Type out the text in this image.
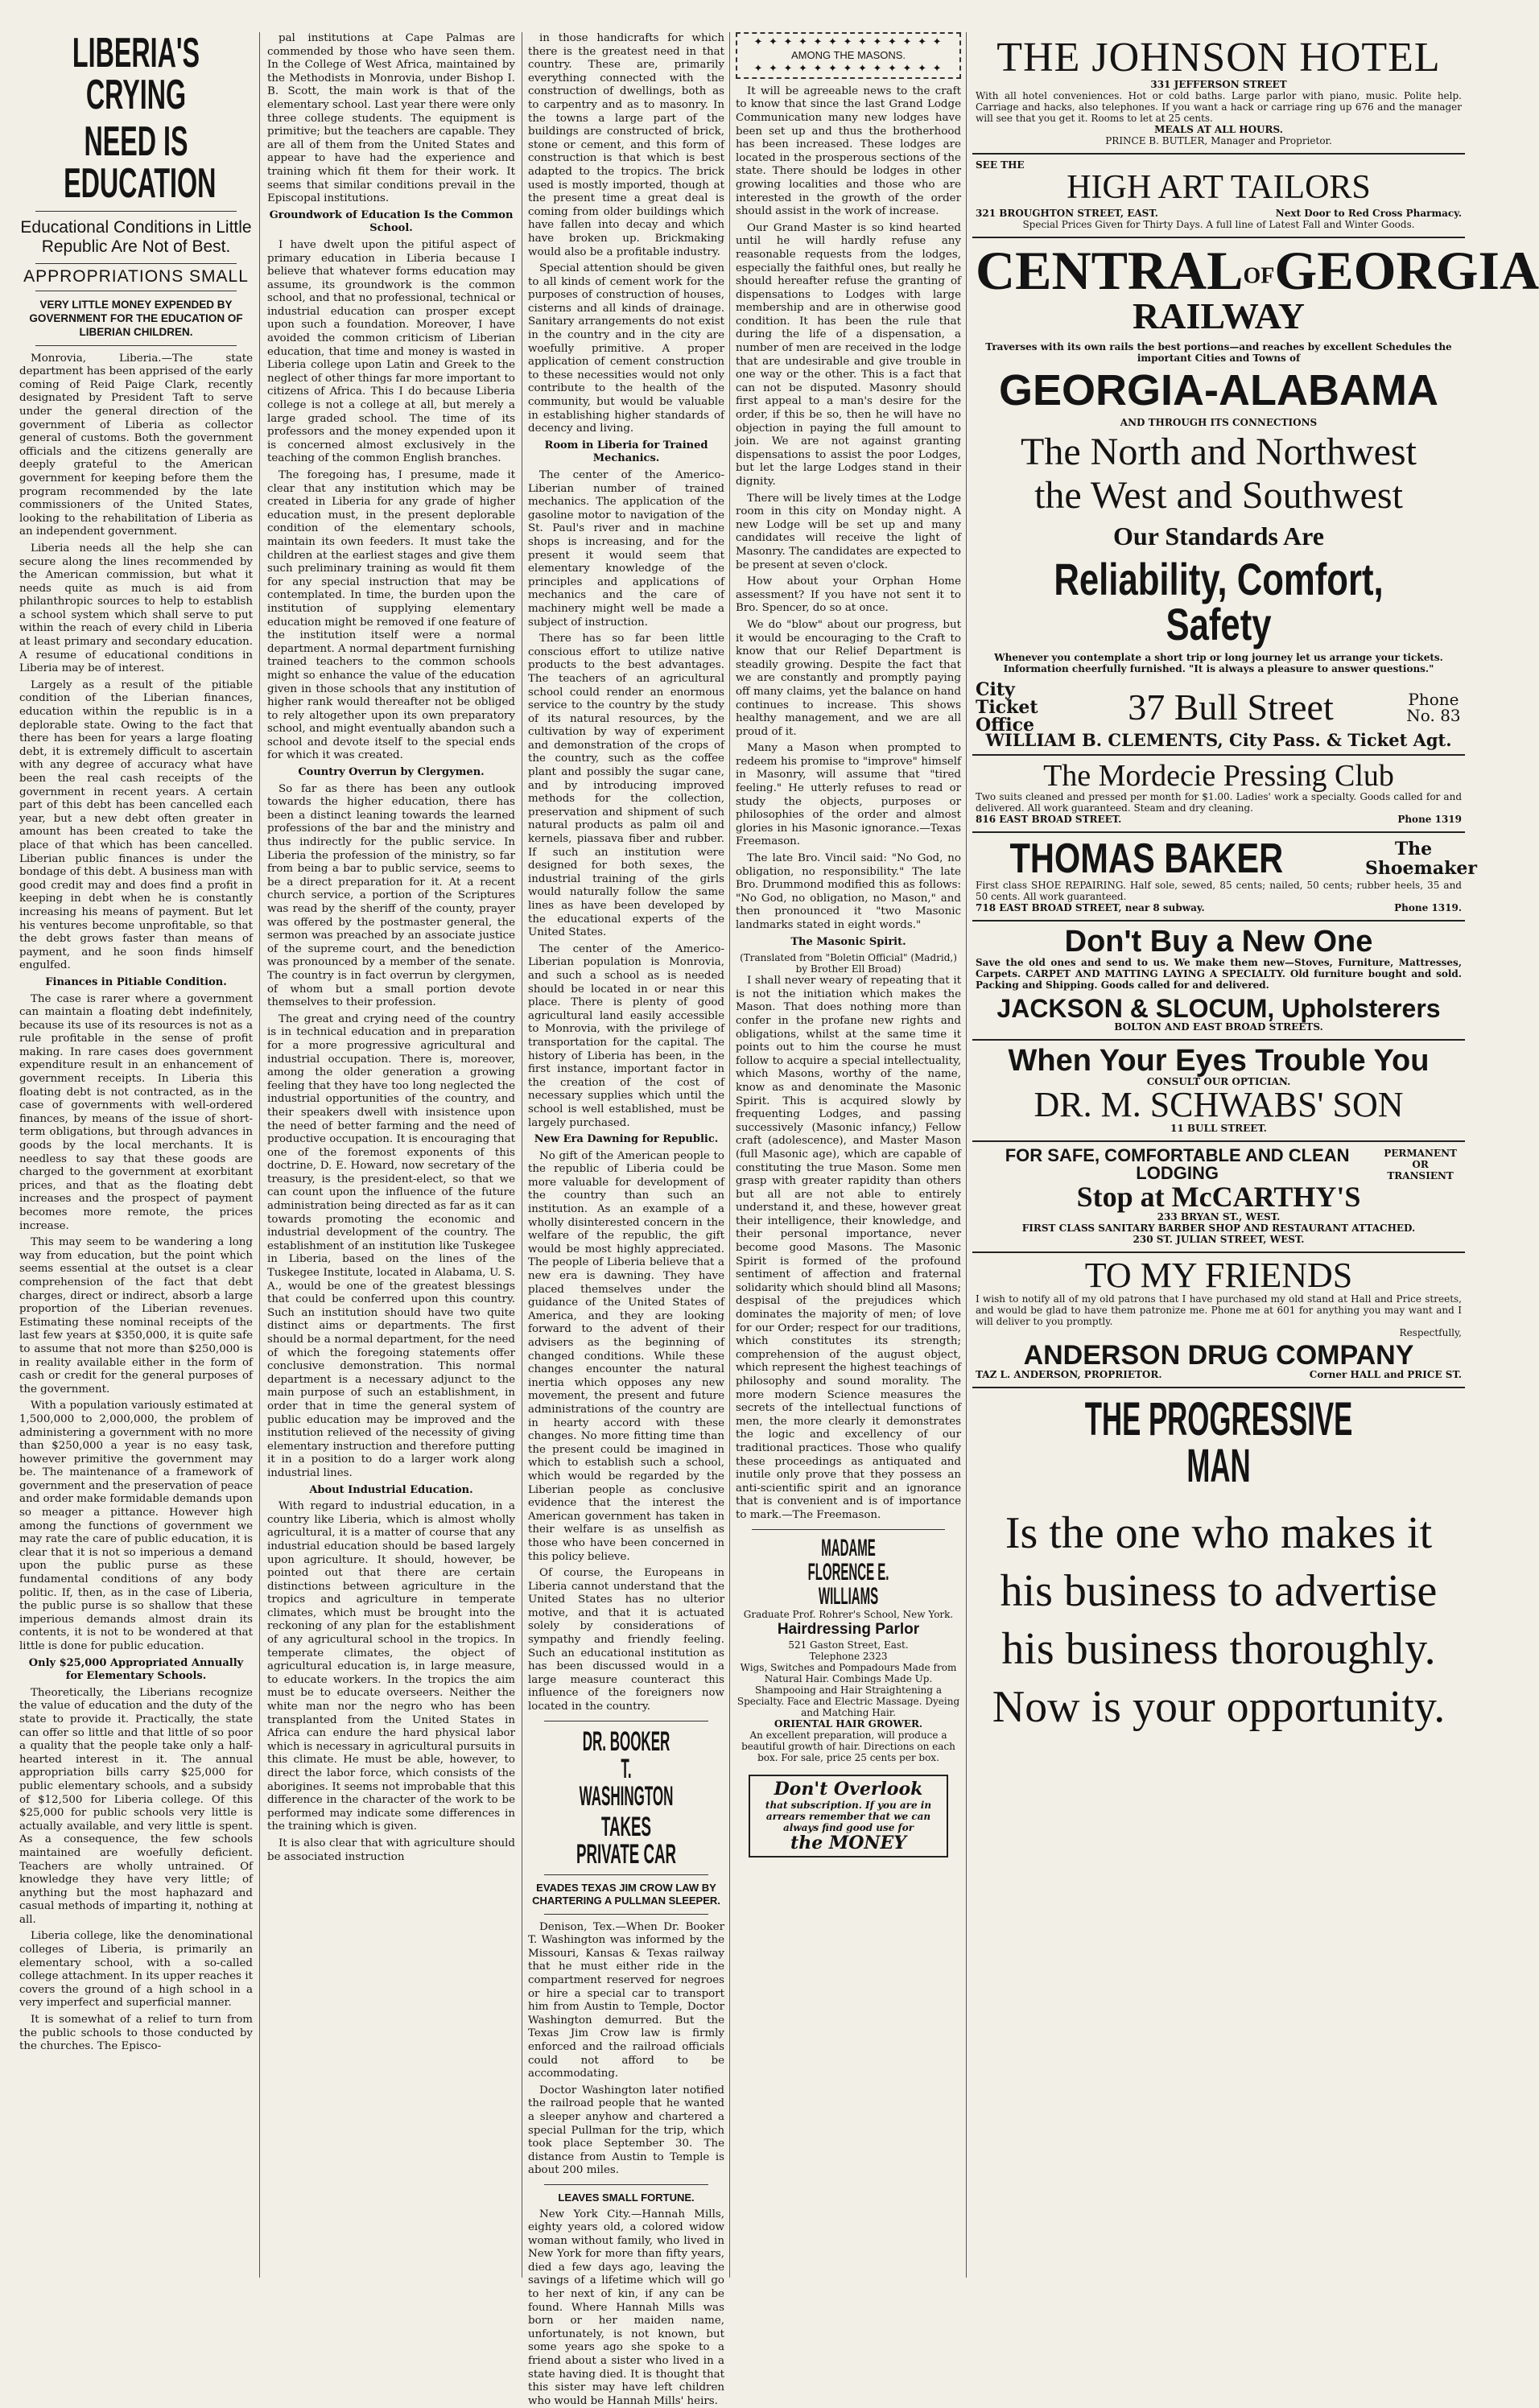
LIBERIA'S CRYING
NEED IS EDUCATION
Educational Conditions in Little Republic Are Not of Best.
APPROPRIATIONS SMALL
VERY LITTLE MONEY EXPENDED BY GOVERNMENT FOR THE EDUCATION OF LIBERIAN CHILDREN.

Monrovia, Liberia.—The state department has been apprised of the early coming of Reid Paige Clark, recently designated by President Taft to serve under the general direction of the government of Liberia as collector general of customs. Both the government officials and the citizens generally are deeply grateful to the American government for keeping before them the program recommended by the late commissioners of the United States, looking to the rehabilitation of Liberia as an independent government.

Liberia needs all the help she can secure along the lines recommended by the American commission, but what it needs quite as much is aid from philanthropic sources to help to establish a school system which shall serve to put within the reach of every child in Liberia at least primary and secondary education. A resume of educational conditions in Liberia may be of interest.

Largely as a result of the pitiable condition of the Liberian finances, education within the republic is in a deplorable state. Owing to the fact that there has been for years a large floating debt, it is extremely difficult to ascertain with any degree of accuracy what have been the real cash receipts of the government in recent years. A certain part of this debt has been cancelled each year, but a new debt often greater in amount has been created to take the place of that which has been cancelled. Liberian public finances is under the bondage of this debt. A business man with good credit may and does find a profit in keeping in debt when he is constantly increasing his means of payment. But let his ventures become unprofitable, so that the debt grows faster than means of payment, and he soon finds himself engulfed.

Finances in Pitiable Condition.

The case is rarer where a government can maintain a floating debt indefinitely, because its use of its resources is not as a rule profitable in the sense of profit making. In rare cases does government expenditure result in an enhancement of government receipts. In Liberia this floating debt is not contracted, as in the case of governments with well-ordered finances, by means of the issue of short-term obligations, but through advances in goods by the local merchants. It is needless to say that these goods are charged to the government at exorbitant prices, and that as the floating debt increases and the prospect of payment becomes more remote, the prices increase.

This may seem to be wandering a long way from education, but the point which seems essential at the outset is a clear comprehension of the fact that debt charges, direct or indirect, absorb a large proportion of the Liberian revenues. Estimating these nominal receipts of the last few years at $350,000, it is quite safe to assume that not more than $250,000 is in reality available either in the form of cash or credit for the general purposes of the government.

With a population variously estimated at 1,500,000 to 2,000,000, the problem of administering a government with no more than $250,000 a year is no easy task, however primitive the government may be. The maintenance of a framework of government and the preservation of peace and order make formidable demands upon so meager a pittance. However high among the functions of government we may rate the care of public education, it is clear that it is not so imperious a demand upon the public purse as these fundamental conditions of any body politic. If, then, as in the case of Liberia, the public purse is so shallow that these imperious demands almost drain its contents, it is not to be wondered at that little is done for public education.

Only $25,000 Appropriated Annually for Elementary Schools.

Theoretically, the Liberians recognize the value of education and the duty of the state to provide it. Practically, the state can offer so little and that little of so poor a quality that the people take only a half-hearted interest in it. The annual appropriation bills carry $25,000 for public elementary schools, and a subsidy of $12,500 for Liberia college. Of this $25,000 for public schools very little is actually available, and very little is spent. As a consequence, the few schools maintained are woefully deficient. Teachers are wholly untrained. Of knowledge they have very little; of anything but the most haphazard and casual methods of imparting it, nothing at all.

Liberia college, like the denominational colleges of Liberia, is primarily an elementary school, with a so-called college attachment. In its upper reaches it covers the ground of a high school in a very imperfect and superficial manner.

It is somewhat of a relief to turn from the public schools to those conducted by the churches. The Episco-

pal institutions at Cape Palmas are commended by those who have seen them. In the College of West Africa, maintained by the Methodists in Monrovia, under Bishop I. B. Scott, the main work is that of the elementary school. Last year there were only three college students. The equipment is primitive; but the teachers are capable. They are all of them from the United States and appear to have had the experience and training which fit them for their work. It seems that similar conditions prevail in the Episcopal institutions.

Groundwork of Education Is the Common School.

I have dwelt upon the pitiful aspect of primary education in Liberia because I believe that whatever forms education may assume, its groundwork is the common school, and that no professional, technical or industrial education can prosper except upon such a foundation. Moreover, I have avoided the common criticism of Liberian education, that time and money is wasted in Liberia college upon Latin and Greek to the neglect of other things far more important to citizens of Africa. This I do because Liberia college is not a college at all, but merely a large graded school. The time of its professors and the money expended upon it is concerned almost exclusively in the teaching of the common English branches.

The foregoing has, I presume, made it clear that any institution which may be created in Liberia for any grade of higher education must, in the present deplorable condition of the elementary schools, maintain its own feeders. It must take the children at the earliest stages and give them such preliminary training as would fit them for any special instruction that may be contemplated. In time, the burden upon the institution of supplying elementary education might be removed if one feature of the institution itself were a normal department. A normal department furnishing trained teachers to the common schools might so enhance the value of the education given in those schools that any institution of higher rank would thereafter not be obliged to rely altogether upon its own preparatory school, and might eventually abandon such a school and devote itself to the special ends for which it was created.

Country Overrun by Clergymen.

So far as there has been any outlook towards the higher education, there has been a distinct leaning towards the learned professions of the bar and the ministry and thus indirectly for the public service. In Liberia the profession of the ministry, so far from being a bar to public service, seems to be a direct preparation for it. At a recent church service, a portion of the Scriptures was read by the sheriff of the county, prayer was offered by the postmaster general, the sermon was preached by an associate justice of the supreme court, and the benediction was pronounced by a member of the senate. The country is in fact overrun by clergymen, of whom but a small portion devote themselves to their profession.

The great and crying need of the country is in technical education and in preparation for a more progressive agricultural and industrial occupation. There is, moreover, among the older generation a growing feeling that they have too long neglected the industrial opportunities of the country, and their speakers dwell with insistence upon the need of better farming and the need of productive occupation. It is encouraging that one of the foremost exponents of this doctrine, D. E. Howard, now secretary of the treasury, is the president-elect, so that we can count upon the influence of the future administration being directed as far as it can towards promoting the economic and industrial development of the country. The establishment of an institution like Tuskegee in Liberia, based on the lines of the Tuskegee Institute, located in Alabama, U. S. A., would be one of the greatest blessings that could be conferred upon this country. Such an institution should have two quite distinct aims or departments. The first should be a normal department, for the need of which the foregoing statements offer conclusive demonstration. This normal department is a necessary adjunct to the main purpose of such an establishment, in order that in time the general system of public education may be improved and the institution relieved of the necessity of giving elementary instruction and therefore putting it in a position to do a larger work along industrial lines.

About Industrial Education.

With regard to industrial education, in a country like Liberia, which is almost wholly agricultural, it is a matter of course that any industrial education should be based largely upon agriculture. It should, however, be pointed out that there are certain distinctions between agriculture in the tropics and agriculture in temperate climates, which must be brought into the reckoning of any plan for the establishment of any agricultural school in the tropics. In temperate climates, the object of agricultural education is, in large measure, to educate workers. In the tropics the aim must be to educate overseers. Neither the white man nor the negro who has been transplanted from the United States in Africa can endure the hard physical labor which is necessary in agricultural pursuits in this climate. He must be able, however, to direct the labor force, which consists of the aborigines. It seems not improbable that this difference in the character of the work to be performed may indicate some differences in the training which is given.

It is also clear that with agriculture should be associated instruction

in those handicrafts for which there is the greatest need in that country. These are, primarily everything connected with the construction of dwellings, both as to carpentry and as to masonry. In the towns a large part of the buildings are constructed of brick, stone or cement, and this form of construction is that which is best adapted to the tropics. The brick used is mostly imported, though at the present time a great deal is coming from older buildings which have fallen into decay and which have broken up. Brickmaking would also be a profitable industry.

Special attention should be given to all kinds of cement work for the purposes of construction of houses, cisterns and all kinds of drainage. Sanitary arrangements do not exist in the country and in the city are woefully primitive. A proper application of cement construction to these necessities would not only contribute to the health of the community, but would be valuable in establishing higher standards of decency and living.

Room in Liberia for Trained Mechanics.

The center of the Americo-Liberian number of trained mechanics. The application of the gasoline motor to navigation of the St. Paul's river and in machine shops is increasing, and for the present it would seem that elementary knowledge of the principles and applications of mechanics and the care of machinery might well be made a subject of instruction.

There has so far been little conscious effort to utilize native products to the best advantages. The teachers of an agricultural school could render an enormous service to the country by the study of its natural resources, by the cultivation by way of experiment and demonstration of the crops of the country, such as the coffee plant and possibly the sugar cane, and by introducing improved methods for the collection, preservation and shipment of such natural products as palm oil and kernels, piassava fiber and rubber. If such an institution were designed for both sexes, the industrial training of the girls would naturally follow the same lines as have been developed by the educational experts of the United States.

The center of the Americo-Liberian population is Monrovia, and such a school as is needed should be located in or near this place. There is plenty of good agricultural land easily accessible to Monrovia, with the privilege of transportation for the capital. The history of Liberia has been, in the first instance, important factor in the creation of the cost of necessary supplies which until the school is well established, must be largely purchased.

New Era Dawning for Republic.

No gift of the American people to the republic of Liberia could be more valuable for development of the country than such an institution. As an example of a wholly disinterested concern in the welfare of the republic, the gift would be most highly appreciated. The people of Liberia believe that a new era is dawning. They have placed themselves under the guidance of the United States of America, and they are looking forward to the advent of their advisers as the beginning of changed conditions. While these changes encounter the natural inertia which opposes any new movement, the present and future administrations of the country are in hearty accord with these changes. No more fitting time than the present could be imagined in which to establish such a school, which would be regarded by the Liberian people as conclusive evidence that the interest the American government has taken in their welfare is as unselfish as those who have been concerned in this policy believe.

Of course, the Europeans in Liberia cannot understand that the United States has no ulterior motive, and that it is actuated solely by considerations of sympathy and friendly feeling. Such an educational institution as has been discussed would in a large measure counteract this influence of the foreigners now located in the country.

DR. BOOKER T. WASHINGTON
TAKES PRIVATE CAR
EVADES TEXAS JIM CROW LAW BY CHARTERING A PULLMAN SLEEPER.

Denison, Tex.—When Dr. Booker T. Washington was informed by the Missouri, Kansas & Texas railway that he must either ride in the compartment reserved for negroes or hire a special car to transport him from Austin to Temple, Doctor Washington demurred. But the Texas Jim Crow law is firmly enforced and the railroad officials could not afford to be accommodating.

Doctor Washington later notified the railroad people that he wanted a sleeper anyhow and chartered a special Pullman for the trip, which took place September 30. The distance from Austin to Temple is about 200 miles.

LEAVES SMALL FORTUNE.

New York City.—Hannah Mills, eighty years old, a colored widow woman without family, who lived in New York for more than fifty years, died a few days ago, leaving the savings of a lifetime which will go to her next of kin, if any can be found. Where Hannah Mills was born or her maiden name, unfortunately, is not known, but some years ago she spoke to a friend about a sister who lived in a state having died. It is thought that this sister may have left children who would be Hannah Mills' heirs.

✦ ✦ ✦ ✦ ✦ ✦ ✦ ✦ ✦ ✦ ✦ ✦ ✦
AMONG THE MASONS.
✦ ✦ ✦ ✦ ✦ ✦ ✦ ✦ ✦ ✦ ✦ ✦ ✦

It will be agreeable news to the craft to know that since the last Grand Lodge Communication many new lodges have been set up and thus the brotherhood has been increased. These lodges are located in the prosperous sections of the state. There should be lodges in other growing localities and those who are interested in the growth of the order should assist in the work of increase.

Our Grand Master is so kind hearted until he will hardly refuse any reasonable requests from the lodges, especially the faithful ones, but really he should hereafter refuse the granting of dispensations to Lodges with large membership and are in otherwise good condition. It has been the rule that during the life of a dispensation, a number of men are received in the lodge that are undesirable and give trouble in one way or the other. This is a fact that can not be disputed. Masonry should first appeal to a man's desire for the order, if this be so, then he will have no objection in paying the full amount to join. We are not against granting dispensations to assist the poor Lodges, but let the large Lodges stand in their dignity.

There will be lively times at the Lodge room in this city on Monday night. A new Lodge will be set up and many candidates will receive the light of Masonry. The candidates are expected to be present at seven o'clock.

How about your Orphan Home assessment? If you have not sent it to Bro. Spencer, do so at once.

We do "blow" about our progress, but it would be encouraging to the Craft to know that our Relief Department is steadily growing. Despite the fact that we are constantly and promptly paying off many claims, yet the balance on hand continues to increase. This shows healthy management, and we are all proud of it.

Many a Mason when prompted to redeem his promise to "improve" himself in Masonry, will assume that "tired feeling." He utterly refuses to read or study the objects, purposes or philosophies of the order and almost glories in his Masonic ignorance.—Texas Freemason.

The late Bro. Vincil said: "No God, no obligation, no responsibility." The late Bro. Drummond modified this as follows: "No God, no obligation, no Mason," and then pronounced it "two Masonic landmarks stated in eight words."

The Masonic Spirit.
(Translated from "Boletin Official" (Madrid,) by Brother Ell Broad)

I shall never weary of repeating that it is not the initiation which makes the Mason. That does nothing more than confer in the profane new rights and obligations, whilst at the same time it points out to him the course he must follow to acquire a special intellectuality, which Masons, worthy of the name, know as and denominate the Masonic Spirit. This is acquired slowly by frequenting Lodges, and passing successively (Masonic infancy,) Fellow craft (adolescence), and Master Mason (full Masonic age), which are capable of constituting the true Mason. Some men grasp with greater rapidity than others but all are not able to entirely understand it, and these, however great their intelligence, their knowledge, and their personal importance, never become good Masons. The Masonic Spirit is formed of the profound sentiment of affection and fraternal solidarity which should blind all Masons; despisal of the prejudices which dominates the majority of men; of love for our Order; respect for our traditions, which constitutes its strength; comprehension of the august object, which represent the highest teachings of philosophy and sound morality. The more modern Science measures the secrets of the intellectual functions of men, the more clearly it demonstrates the logic and excellency of our traditional practices. Those who qualify these proceedings as antiquated and inutile only prove that they possess an anti-scientific spirit and an ignorance that is convenient and is of importance to mark.—The Freemason.

MADAME FLORENCE E. WILLIAMS
Graduate Prof. Rohrer's School, New York.
Hairdressing Parlor
521 Gaston Street, East.
Telephone 2323
Wigs, Switches and Pompadours Made from Natural Hair. Combings Made Up. Shampooing and Hair Straightening a Specialty. Face and Electric Massage. Dyeing and Matching Hair.
ORIENTAL HAIR GROWER.
An excellent preparation, will produce a beautiful growth of hair. Directions on each box. For sale, price 25 cents per box.
Don't Overlook
that subscription. If you are in arrears remember that we can always find good use for
the MONEY
THE JOHNSON HOTEL
331 JEFFERSON STREET
With all hotel conveniences. Hot or cold baths. Large parlor with piano, music. Polite help. Carriage and hacks, also telephones. If you want a hack or carriage ring up 676 and the manager will see that you get it. Rooms to let at 25 cents.
MEALS AT ALL HOURS.
PRINCE B. BUTLER, Manager and Proprietor.
SEE THE
HIGH ART TAILORS
321 BROUGHTON STREET, EAST.	Next Door to Red Cross Pharmacy.
Special Prices Given for Thirty Days. A full line of Latest Fall and Winter Goods.
CENTRALOFGEORGIA
RAILWAY
Traverses with its own rails the best portions—and reaches by excellent Schedules the important Cities and Towns of
GEORGIA-ALABAMA
AND THROUGH ITS CONNECTIONS
The North and Northwest
the West and Southwest
Our Standards Are
Reliability, Comfort, Safety
Whenever you contemplate a short trip or long journey let us arrange your tickets. Information cheerfully furnished. "It is always a pleasure to answer questions."
City Ticket Office	37 Bull Street	Phone No. 83
WILLIAM B. CLEMENTS, City Pass. & Ticket Agt.
The Mordecie Pressing Club
Two suits cleaned and pressed per month for $1.00. Ladies' work a specialty. Goods called for and delivered. All work guaranteed. Steam and dry cleaning.
816 EAST BROAD STREET.	Phone 1319
THOMAS BAKER	The Shoemaker
First class SHOE REPAIRING. Half sole, sewed, 85 cents; nailed, 50 cents; rubber heels, 35 and 50 cents. All work guaranteed.
718 EAST BROAD STREET, near 8 subway.	Phone 1319.
Don't Buy a New One
Save the old ones and send to us. We make them new—Stoves, Furniture, Mattresses, Carpets. CARPET AND MATTING LAYING A SPECIALTY. Old furniture bought and sold. Packing and Shipping. Goods called for and delivered.
JACKSON & SLOCUM, Upholsterers
BOLTON AND EAST BROAD STREETS.
When Your Eyes Trouble You
CONSULT OUR OPTICIAN.
DR. M. SCHWABS' SON
11 BULL STREET.
FOR SAFE, COMFORTABLE AND CLEAN LODGING
PERMANENT OR TRANSIENT
Stop at McCARTHY'S
233 BRYAN ST., WEST.
FIRST CLASS SANITARY BARBER SHOP AND RESTAURANT ATTACHED.
230 ST. JULIAN STREET, WEST.
TO MY FRIENDS
I wish to notify all of my old patrons that I have purchased my old stand at Hall and Price streets, and would be glad to have them patronize me. Phone me at 601 for anything you may want and I will deliver to you promptly.
Respectfully,
ANDERSON DRUG COMPANY
TAZ L. ANDERSON, PROPRIETOR.	Corner HALL and PRICE ST.
THE PROGRESSIVE MAN
Is the one who makes it
his business to advertise
his business thoroughly.
Now is your opportunity.
